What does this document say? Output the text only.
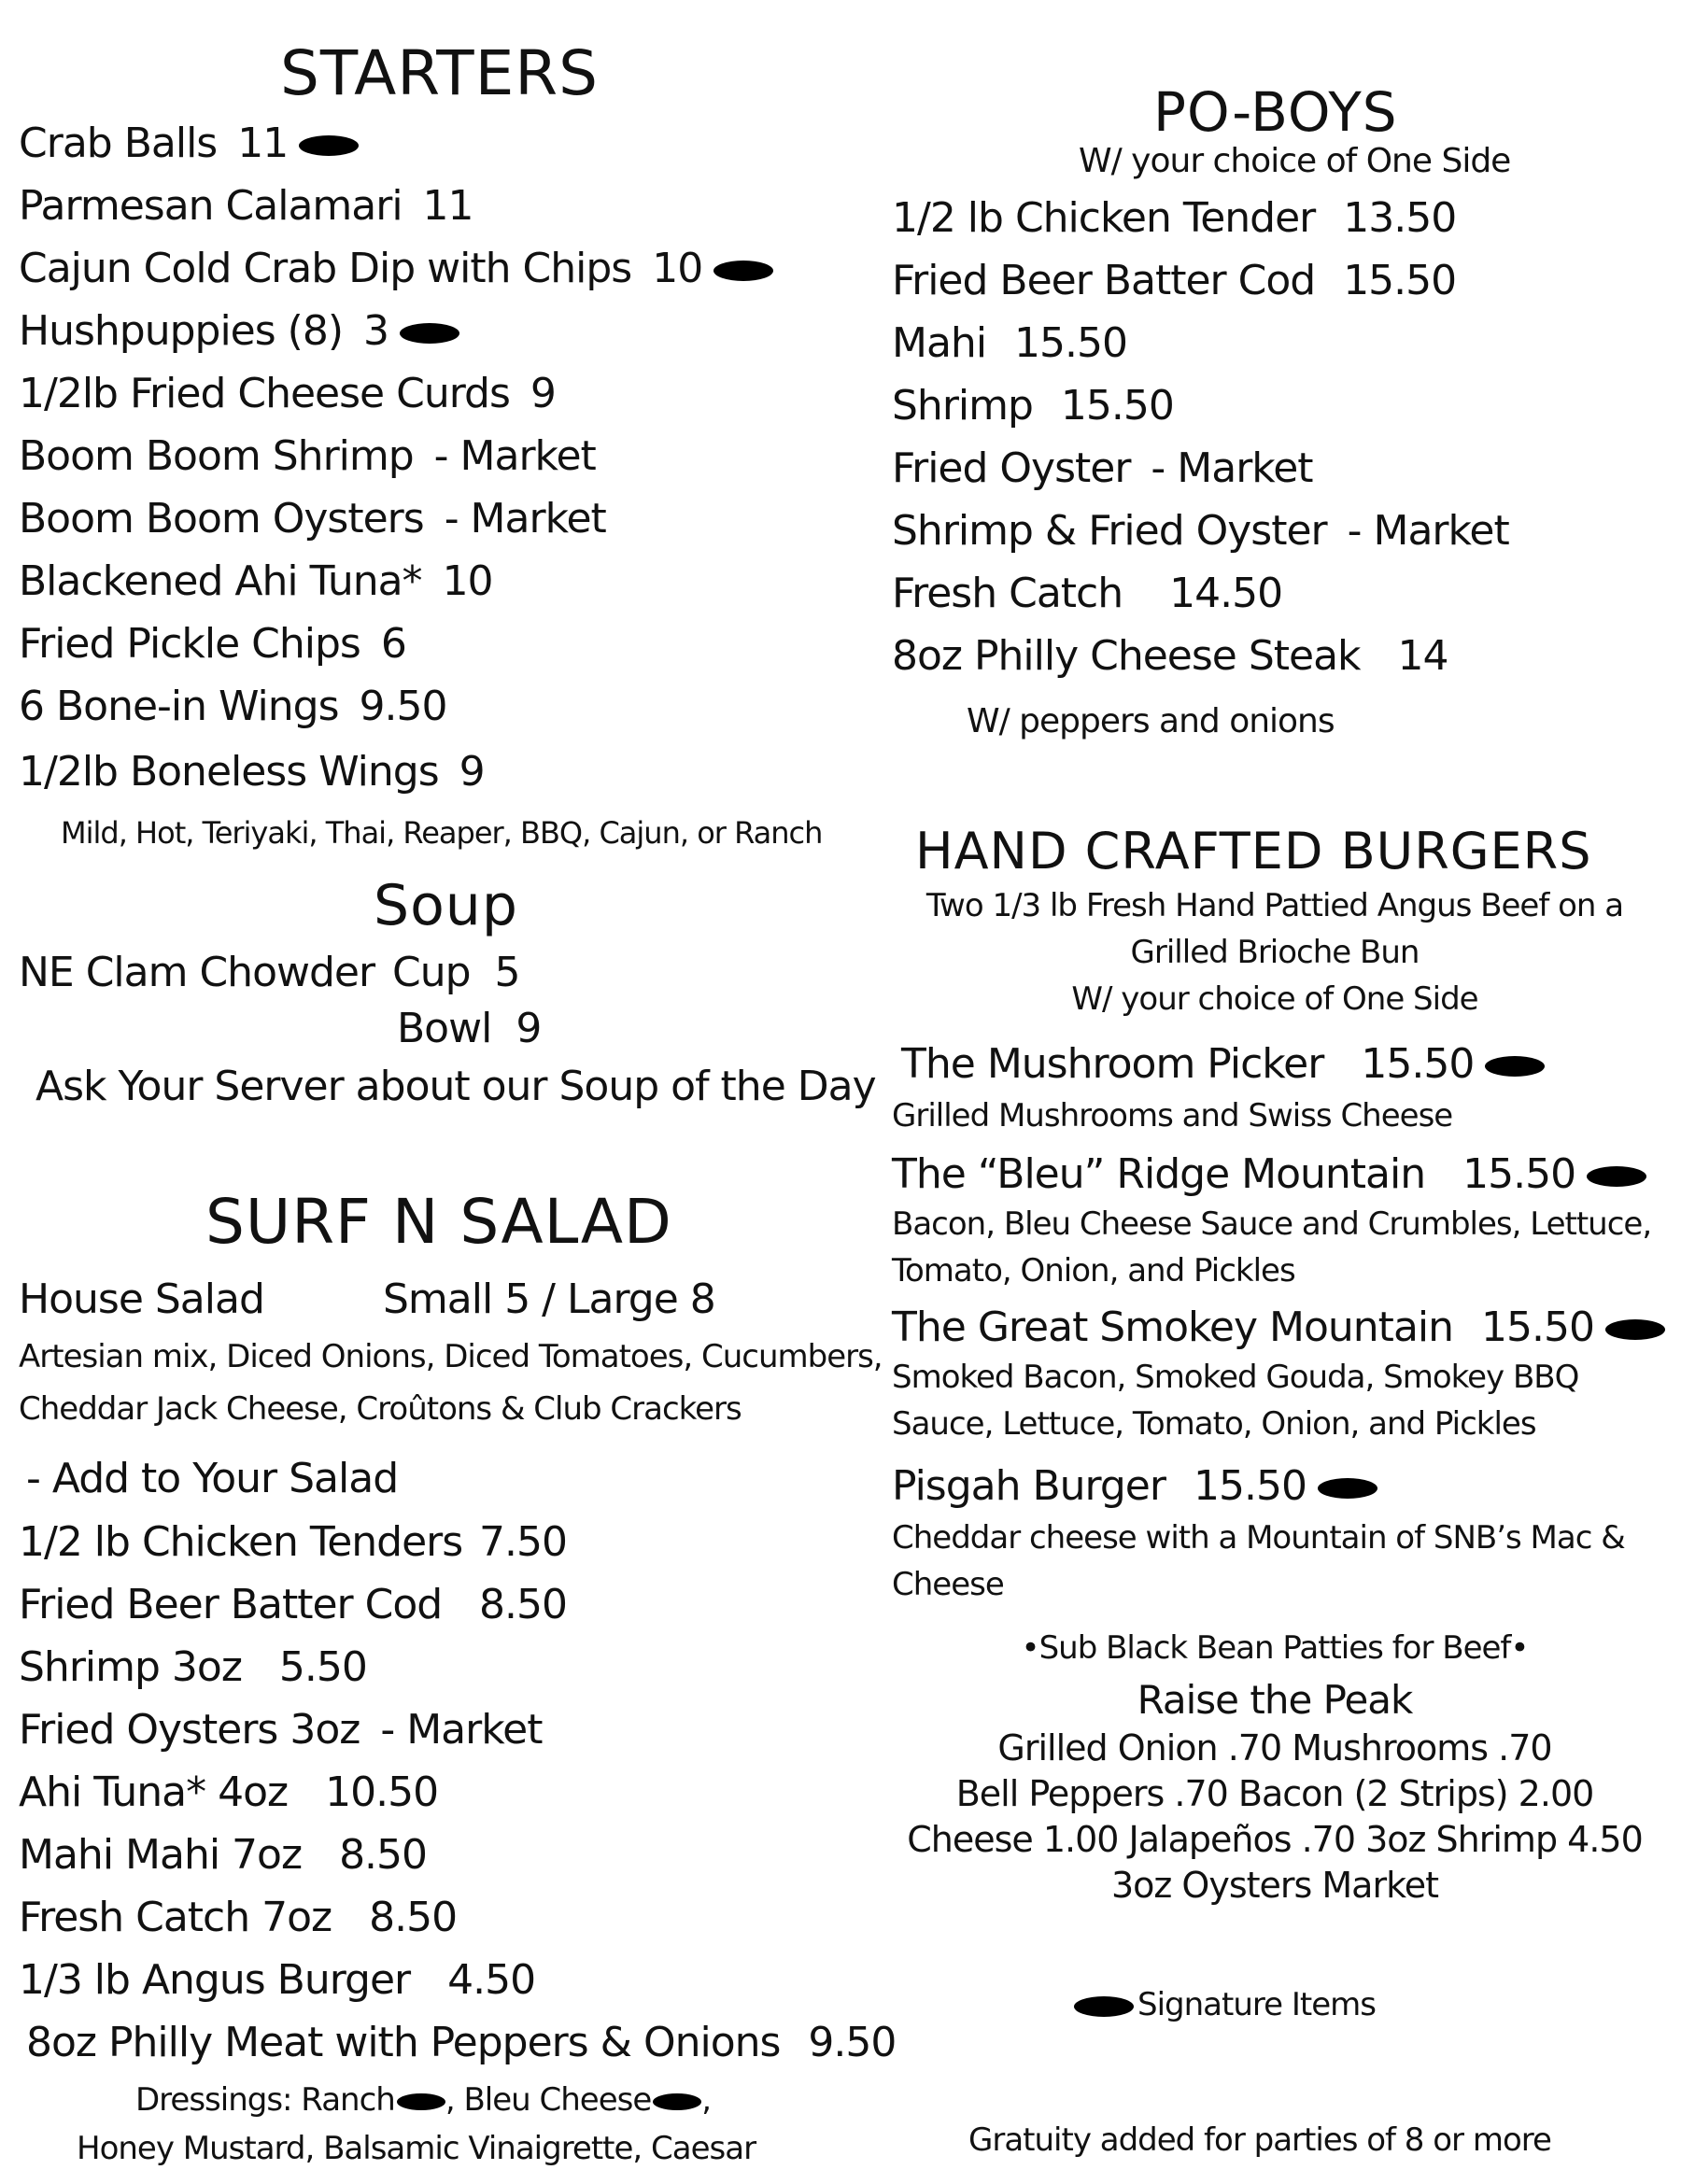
STARTERS
Crab Balls 11
Parmesan Calamari 11
Cajun Cold Crab Dip with Chips 10
Hushpuppies (8) 3
1/2lb Fried Cheese Curds 9
Boom Boom Shrimp - Market
Boom Boom Oysters - Market
Blackened Ahi Tuna* 10
Fried Pickle Chips 6
6 Bone-in Wings 9.50
1/2lb Boneless Wings 9
Mild, Hot, Teriyaki, Thai, Reaper, BBQ, Cajun, or Ranch
Soup
NE Clam Chowder Cup 5
Bowl 9
Ask Your Server about our Soup of the Day
SURF N SALAD
House Salad	Small 5 / Large 8
Artesian mix, Diced Onions, Diced Tomatoes, Cucumbers,
Cheddar Jack Cheese, Croûtons & Club Crackers
- Add to Your Salad
1/2 lb Chicken Tenders 7.50
Fried Beer Batter Cod 8.50
Shrimp 3oz 5.50
Fried Oysters 3oz - Market
Ahi Tuna* 4oz 10.50
Mahi Mahi 7oz 8.50
Fresh Catch 7oz 8.50
1/3 lb Angus Burger 4.50
8oz Philly Meat with Peppers & Onions 9.50
Dressings: Ranch , Bleu Cheese ,
Honey Mustard, Balsamic Vinaigrette, Caesar
PO-BOYS
W/ your choice of One Side
1/2 lb Chicken Tender 13.50
Fried Beer Batter Cod 15.50
Mahi 15.50
Shrimp 15.50
Fried Oyster - Market
Shrimp & Fried Oyster - Market
Fresh Catch 14.50
8oz Philly Cheese Steak 14
W/ peppers and onions
HAND CRAFTED BURGERS
Two 1/3 lb Fresh Hand Pattied Angus Beef on a
Grilled Brioche Bun
W/ your choice of One Side
The Mushroom Picker 15.50
Grilled Mushrooms and Swiss Cheese
The “Bleu” Ridge Mountain 15.50
Bacon, Bleu Cheese Sauce and Crumbles, Lettuce,
Tomato, Onion, and Pickles
The Great Smokey Mountain 15.50
Smoked Bacon, Smoked Gouda, Smokey BBQ
Sauce, Lettuce, Tomato, Onion, and Pickles
Pisgah Burger 15.50
Cheddar cheese with a Mountain of SNB’s Mac &
Cheese
•Sub Black Bean Patties for Beef•
Raise the Peak
Grilled Onion .70 Mushrooms .70
Bell Peppers .70 Bacon (2 Strips) 2.00
Cheese 1.00 Jalapeños .70 3oz Shrimp 4.50
3oz Oysters Market
Signature Items
Gratuity added for parties of 8 or more
